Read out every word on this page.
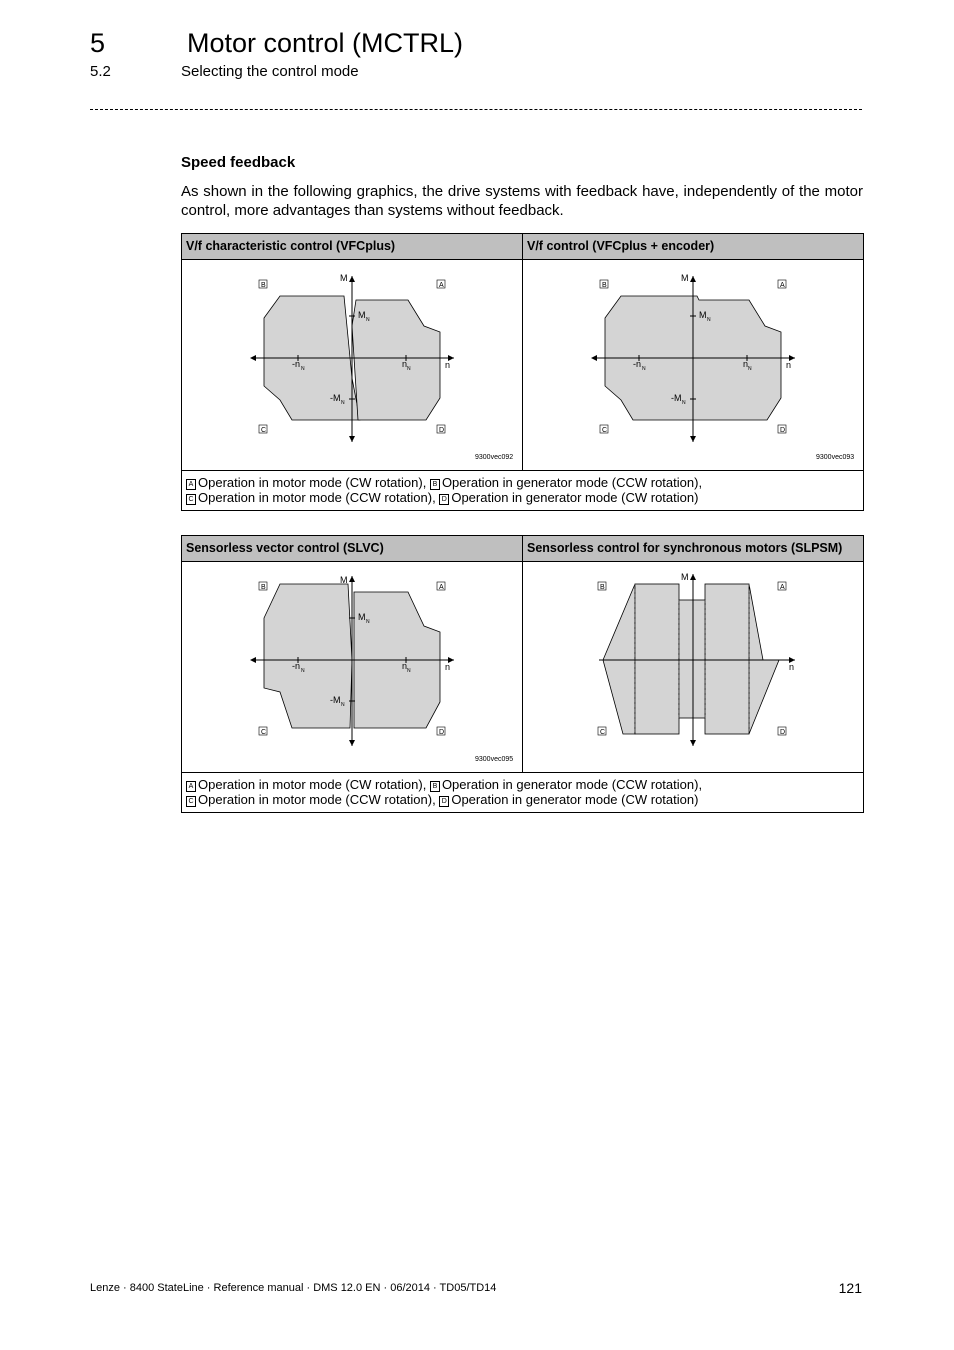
5	Motor control (MCTRL)
5.2	Selecting the control mode
Speed feedback
As shown in the following graphics, the drive systems with feedback have, independently of the motor control, more advantages than systems without feedback.
V/f characteristic control (VFCplus)	V/f control (VFCplus + encoder)
M
n
M N
-M N
-n N	n N
B	A
C	D
9300vec092
M
n
M N
-M N
-n N	n N
B	A
C	D
9300vec093
A Operation in motor mode (CW rotation), B Operation in generator mode (CCW rotation),
C Operation in motor mode (CCW rotation), D Operation in generator mode (CW rotation)
Sensorless vector control (SLVC)	Sensorless control for synchronous motors (SLPSM)
M
n
M N
-M N
-n N	n N
B	A
C	D
9300vec095
M
n
B	A
C	D
A Operation in motor mode (CW rotation), B Operation in generator mode (CCW rotation),
C Operation in motor mode (CCW rotation), D Operation in generator mode (CW rotation)
Lenze · 8400 StateLine · Reference manual · DMS 12.0 EN · 06/2014 · TD05/TD14	121
